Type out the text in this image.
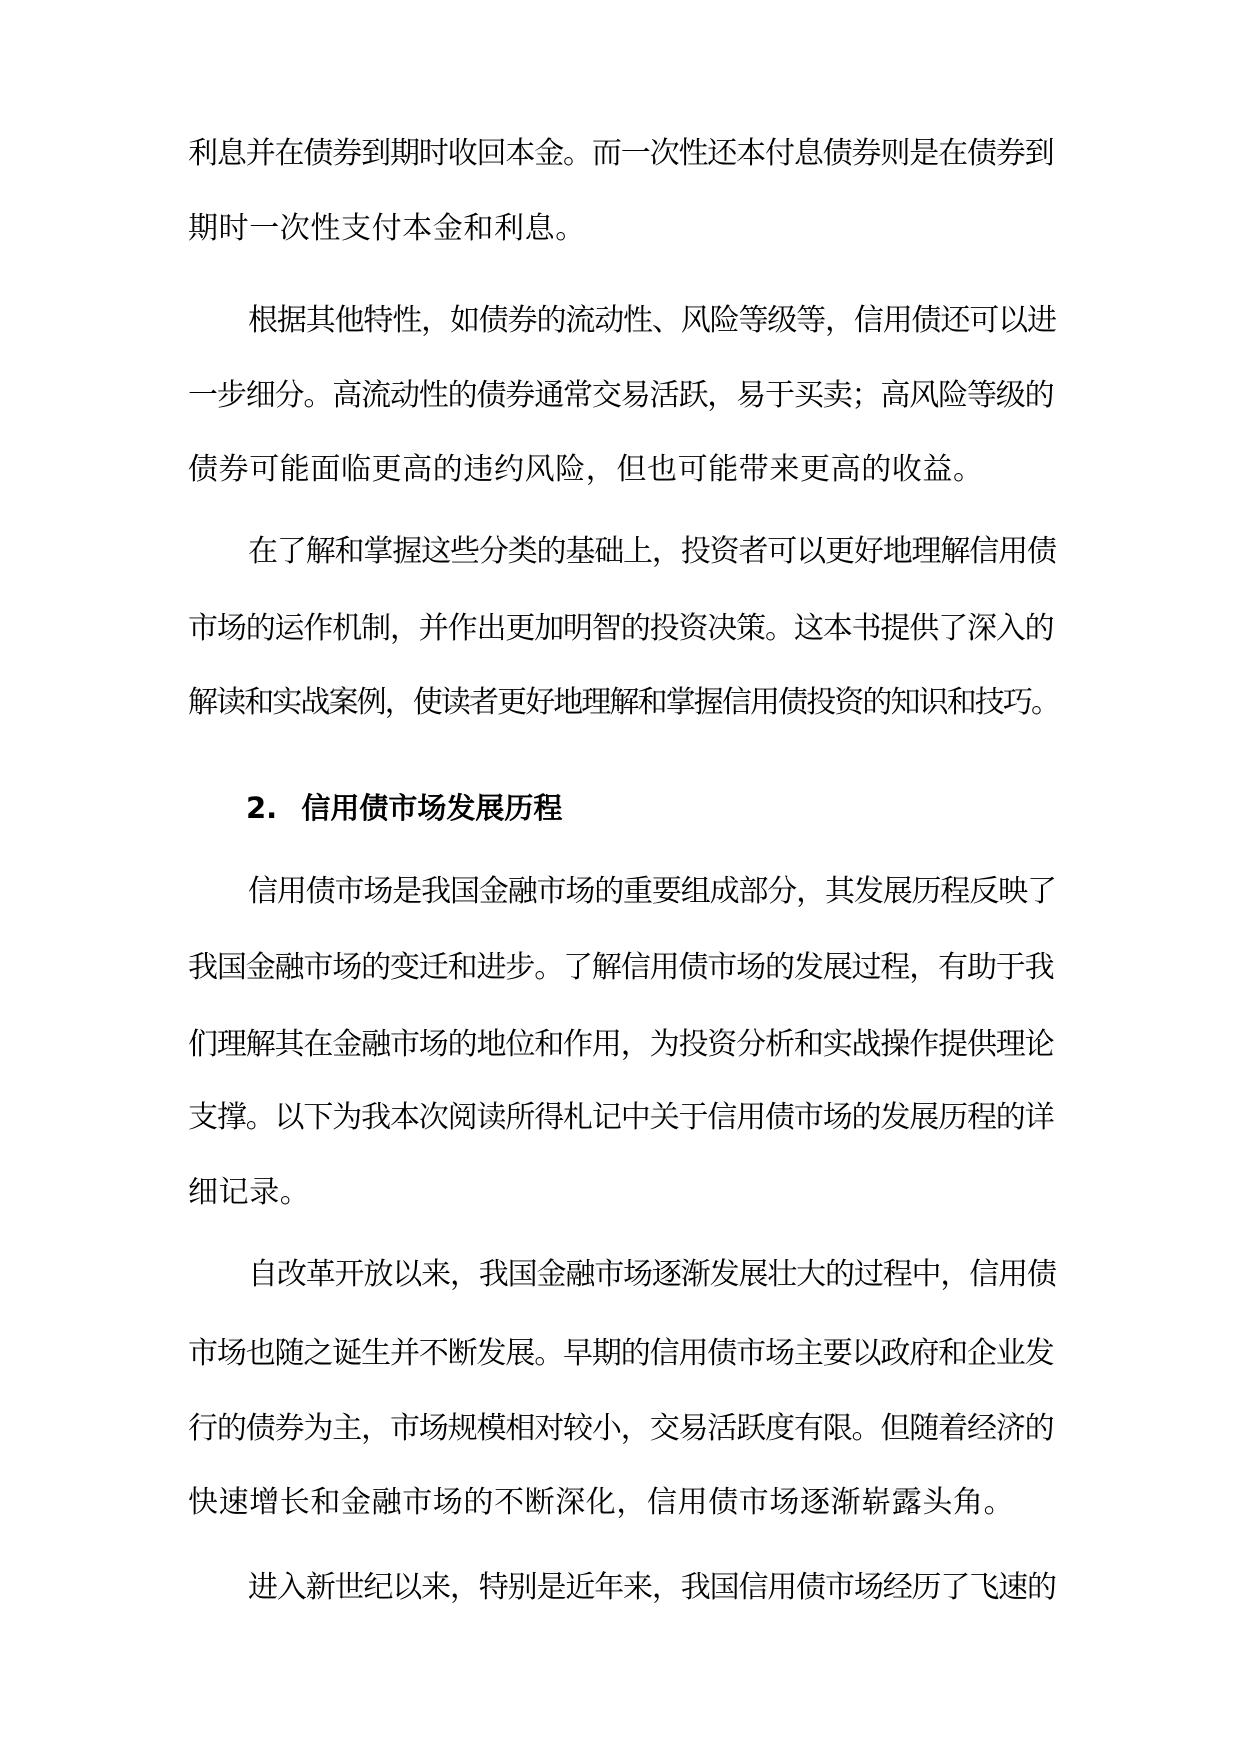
利息并在债券到期时收回本金。而一次性还本付息债券则是在债券到

期时一次性支付本金和利息。

根据其他特性，如债券的流动性、风险等级等，信用债还可以进

一步细分。高流动性的债券通常交易活跃，易于买卖；高风险等级的

债券可能面临更高的违约风险，但也可能带来更高的收益。

在了解和掌握这些分类的基础上，投资者可以更好地理解信用债

市场的运作机制，并作出更加明智的投资决策。这本书提供了深入的

解读和实战案例，使读者更好地理解和掌握信用债投资的知识和技巧。

2. 信用债市场发展历程

信用债市场是我国金融市场的重要组成部分，其发展历程反映了

我国金融市场的变迁和进步。了解信用债市场的发展过程，有助于我

们理解其在金融市场的地位和作用，为投资分析和实战操作提供理论

支撑。以下为我本次阅读所得札记中关于信用债市场的发展历程的详

细记录。

自改革开放以来，我国金融市场逐渐发展壮大的过程中，信用债

市场也随之诞生并不断发展。早期的信用债市场主要以政府和企业发

行的债券为主，市场规模相对较小，交易活跃度有限。但随着经济的

快速增长和金融市场的不断深化，信用债市场逐渐崭露头角。

进入新世纪以来，特别是近年来，我国信用债市场经历了飞速的
